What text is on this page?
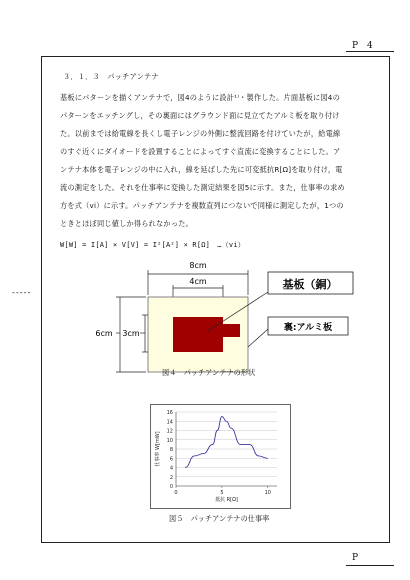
P　4
-----
３．１．３　パッチアンテナ
基板にパターンを描くアンテナで，図4のように設計¹⁾・製作した。片面基板に図4の
パターンをエッチングし，その裏面にはグラウンド面に見立てたアルミ板を取り付け
た。以前までは給電線を長くし電子レンジの外側に整流回路を付けていたが，給電線
のすぐ近くにダイオードを設置することによってすぐ直流に変換することにした。ア
ンテナ本体を電子レンジの中に入れ，線を延ばした先に可変抵抗R[Ω]を取り付け，電
流の測定をした。それを仕事率に変換した測定結果を図5に示す。また，仕事率の求め
方を式（vi）に示す。パッチアンテナを複数直列につないで同様に測定したが，1つの
ときとほぼ同じ値しか得られなかった。
W[W] = I[A] × V[V] = I²[A²] × R[Ω]　…（vi）
8cm
4cm
6cm 3cm
基板（銅）
裏:アルミ板
図４　パッチアンテナの形状
0
2
4
6
8
10
12
14
16
0	5	10
抵抗 R[Ω]
仕事率 W[mW]
図５　パッチアンテナの仕事率
P
